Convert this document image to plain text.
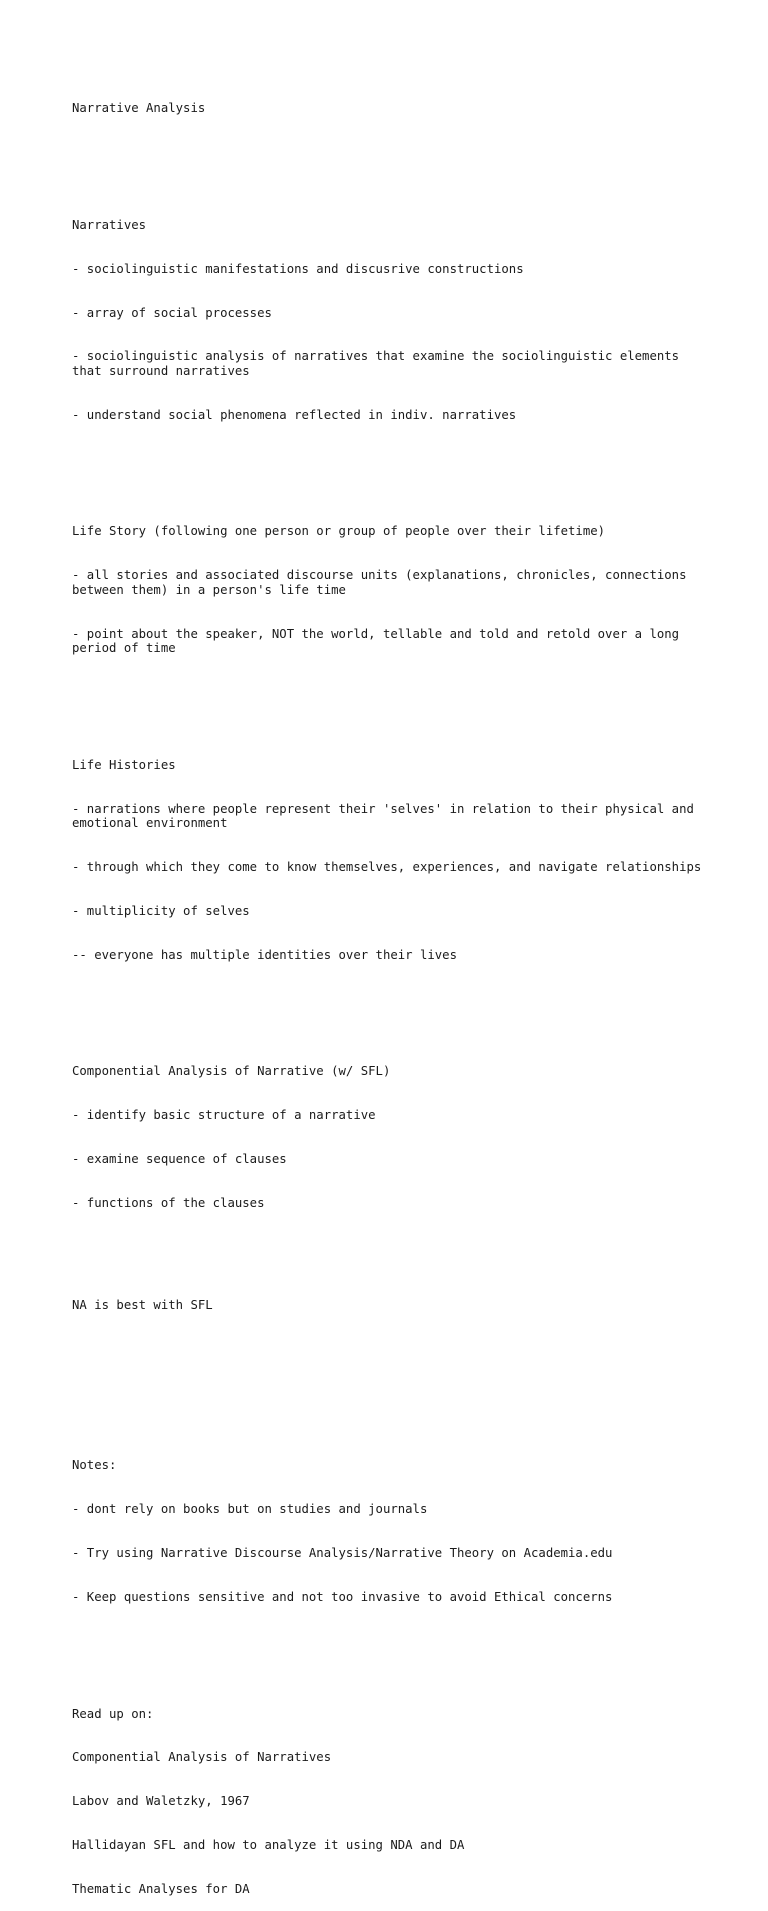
Narrative Analysis

Narratives

- sociolinguistic manifestations and discusrive constructions

- array of social processes

- sociolinguistic analysis of narratives that examine the sociolinguistic elements that surround narratives

- understand social phenomena reflected in indiv. narratives

Life Story (following one person or group of people over their lifetime)

- all stories and associated discourse units (explanations, chronicles, connections between them) in a person's life time

- point about the speaker, NOT the world, tellable and told and retold over a long period of time

Life Histories

- narrations where people represent their 'selves' in relation to their physical and emotional environment

- through which they come to know themselves, experiences, and navigate relationships

- multiplicity of selves

-- everyone has multiple identities over their lives

Componential Analysis of Narrative (w/ SFL)

- identify basic structure of a narrative

- examine sequence of clauses

- functions of the clauses

NA is best with SFL

Notes:

- dont rely on books but on studies and journals

- Try using Narrative Discourse Analysis/Narrative Theory on Academia.edu

- Keep questions sensitive and not too invasive to avoid Ethical concerns

Read up on:

Componential Analysis of Narratives

Labov and Waletzky, 1967

Hallidayan SFL and how to analyze it using NDA and DA

Thematic Analyses for DA
